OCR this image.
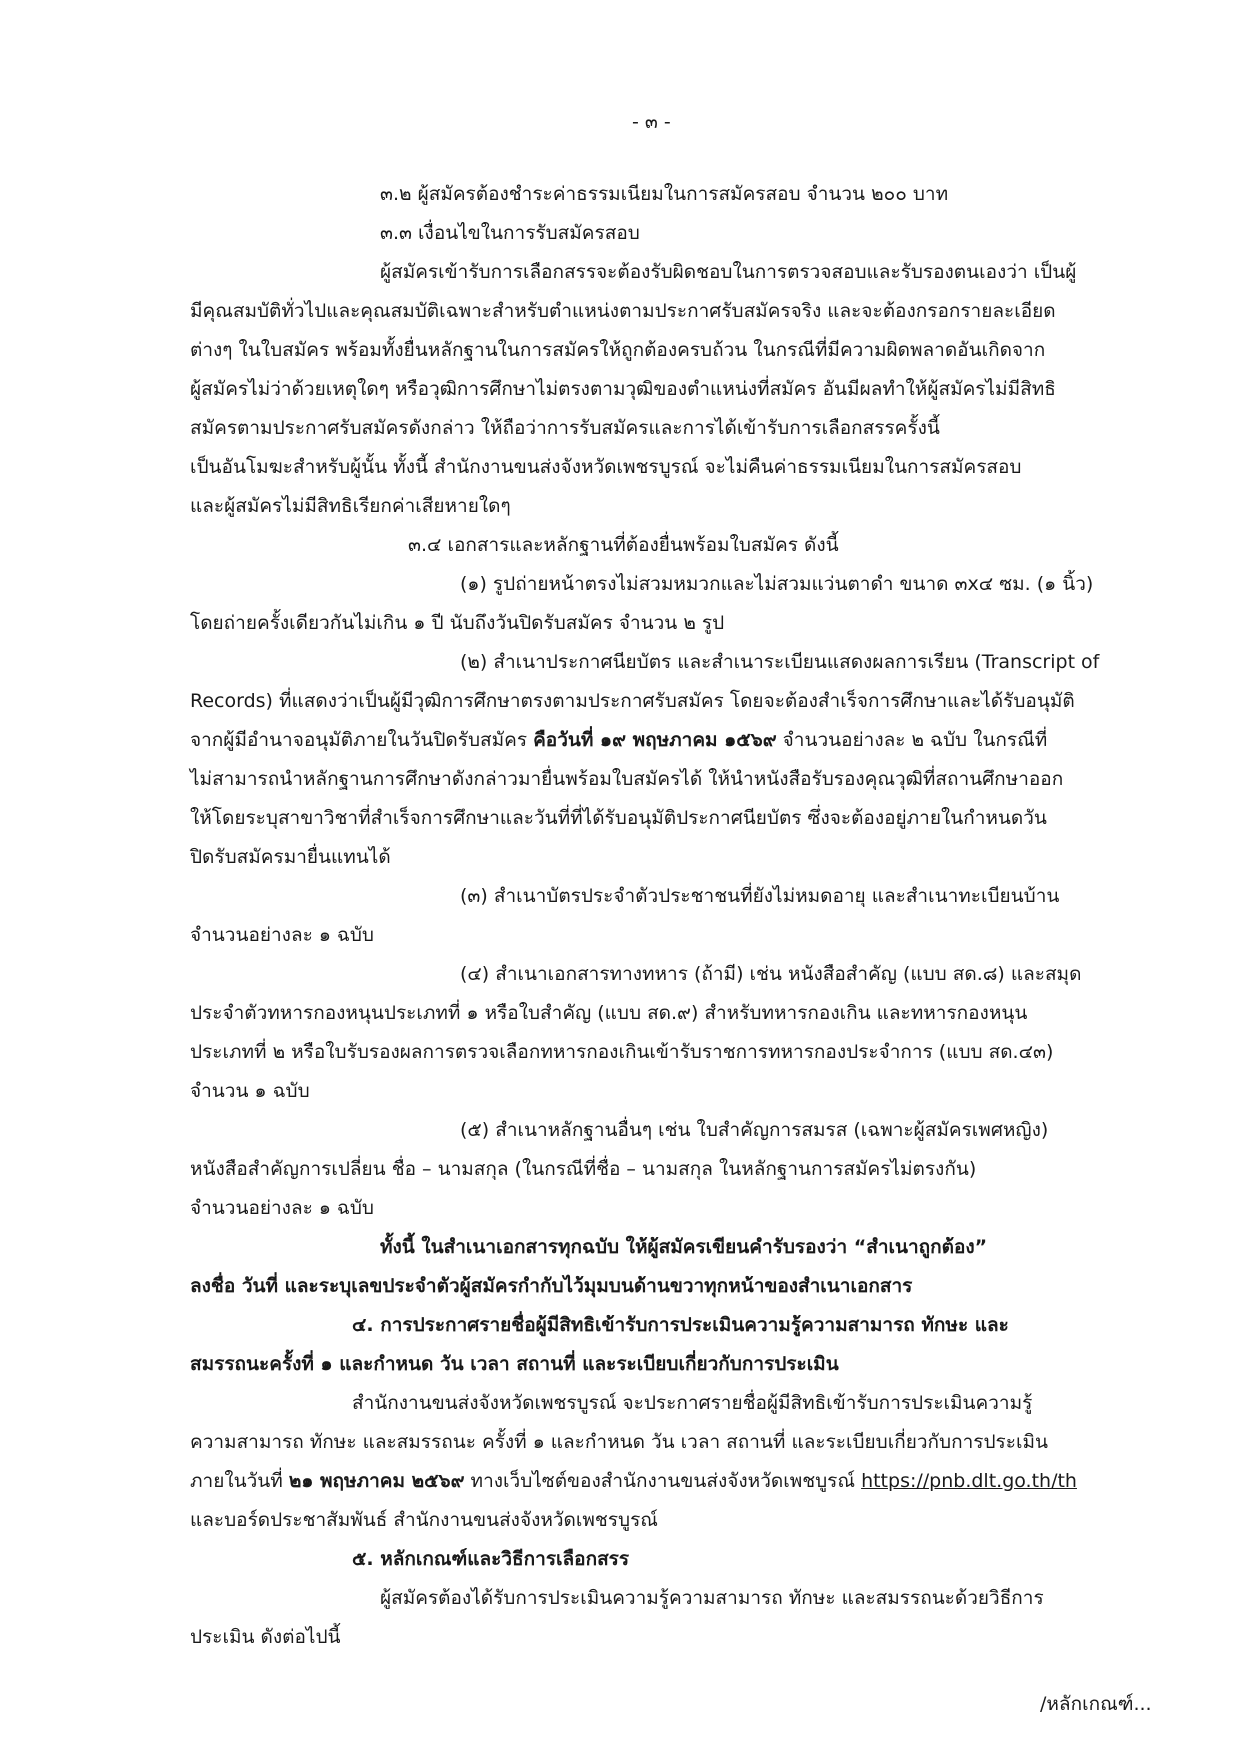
- ๓ -
๓.๒ ผู้สมัครต้องชำระค่าธรรมเนียมในการสมัครสอบ จำนวน ๒๐๐ บาท
๓.๓ เงื่อนไขในการรับสมัครสอบ
ผู้สมัครเข้ารับการเลือกสรรจะต้องรับผิดชอบในการตรวจสอบและรับรองตนเองว่า เป็นผู้
มีคุณสมบัติทั่วไปและคุณสมบัติเฉพาะสำหรับตำแหน่งตามประกาศรับสมัครจริง และจะต้องกรอกรายละเอียด
ต่างๆ ในใบสมัคร พร้อมทั้งยื่นหลักฐานในการสมัครให้ถูกต้องครบถ้วน ในกรณีที่มีความผิดพลาดอันเกิดจาก
ผู้สมัครไม่ว่าด้วยเหตุใดๆ หรือวุฒิการศึกษาไม่ตรงตามวุฒิของตำแหน่งที่สมัคร อันมีผลทำให้ผู้สมัครไม่มีสิทธิ
สมัครตามประกาศรับสมัครดังกล่าว ให้ถือว่าการรับสมัครและการได้เข้ารับการเลือกสรรครั้งนี้
เป็นอันโมฆะสำหรับผู้นั้น ทั้งนี้ สำนักงานขนส่งจังหวัดเพชรบูรณ์ จะไม่คืนค่าธรรมเนียมในการสมัครสอบ
และผู้สมัครไม่มีสิทธิเรียกค่าเสียหายใดๆ
๓.๔ เอกสารและหลักฐานที่ต้องยื่นพร้อมใบสมัคร ดังนี้
(๑) รูปถ่ายหน้าตรงไม่สวมหมวกและไม่สวมแว่นตาดำ ขนาด ๓x๔ ซม. (๑ นิ้ว)
โดยถ่ายครั้งเดียวกันไม่เกิน ๑ ปี นับถึงวันปิดรับสมัคร จำนวน ๒ รูป
(๒) สำเนาประกาศนียบัตร และสำเนาระเบียนแสดงผลการเรียน (Transcript of
Records) ที่แสดงว่าเป็นผู้มีวุฒิการศึกษาตรงตามประกาศรับสมัคร โดยจะต้องสำเร็จการศึกษาและได้รับอนุมัติ
จากผู้มีอำนาจอนุมัติภายในวันปิดรับสมัคร คือวันที่ ๑๙ พฤษภาคม ๑๕๖๙ จำนวนอย่างละ ๒ ฉบับ ในกรณีที่
ไม่สามารถนำหลักฐานการศึกษาดังกล่าวมายื่นพร้อมใบสมัครได้ ให้นำหนังสือรับรองคุณวุฒิที่สถานศึกษาออก
ให้โดยระบุสาขาวิชาที่สำเร็จการศึกษาและวันที่ที่ได้รับอนุมัติประกาศนียบัตร ซึ่งจะต้องอยู่ภายในกำหนดวัน
ปิดรับสมัครมายื่นแทนได้
(๓) สำเนาบัตรประจำตัวประชาชนที่ยังไม่หมดอายุ และสำเนาทะเบียนบ้าน
จำนวนอย่างละ ๑ ฉบับ
(๔) สำเนาเอกสารทางทหาร (ถ้ามี) เช่น หนังสือสำคัญ (แบบ สด.๘) และสมุด
ประจำตัวทหารกองหนุนประเภทที่ ๑ หรือใบสำคัญ (แบบ สด.๙) สำหรับทหารกองเกิน และทหารกองหนุน
ประเภทที่ ๒ หรือใบรับรองผลการตรวจเลือกทหารกองเกินเข้ารับราชการทหารกองประจำการ (แบบ สด.๔๓)
จำนวน ๑ ฉบับ
(๕) สำเนาหลักฐานอื่นๆ เช่น ใบสำคัญการสมรส (เฉพาะผู้สมัครเพศหญิง)
หนังสือสำคัญการเปลี่ยน ชื่อ – นามสกุล (ในกรณีที่ชื่อ – นามสกุล ในหลักฐานการสมัครไม่ตรงกัน)
จำนวนอย่างละ ๑ ฉบับ
ทั้งนี้ ในสำเนาเอกสารทุกฉบับ ให้ผู้สมัครเขียนคำรับรองว่า “สำเนาถูกต้อง”
ลงชื่อ วันที่ และระบุเลขประจำตัวผู้สมัครกำกับไว้มุมบนด้านขวาทุกหน้าของสำเนาเอกสาร
๔. การประกาศรายชื่อผู้มีสิทธิเข้ารับการประเมินความรู้ความสามารถ ทักษะ และ
สมรรถนะครั้งที่ ๑ และกำหนด วัน เวลา สถานที่ และระเบียบเกี่ยวกับการประเมิน
สำนักงานขนส่งจังหวัดเพชรบูรณ์ จะประกาศรายชื่อผู้มีสิทธิเข้ารับการประเมินความรู้
ความสามารถ ทักษะ และสมรรถนะ ครั้งที่ ๑ และกำหนด วัน เวลา สถานที่ และระเบียบเกี่ยวกับการประเมิน
ภายในวันที่ ๒๑ พฤษภาคม ๒๕๖๙ ทางเว็บไซต์ของสำนักงานขนส่งจังหวัดเพชบูรณ์ https://pnb.dlt.go.th/th
และบอร์ดประชาสัมพันธ์ สำนักงานขนส่งจังหวัดเพชรบูรณ์
๕. หลักเกณฑ์และวิธีการเลือกสรร
ผู้สมัครต้องได้รับการประเมินความรู้ความสามารถ ทักษะ และสมรรถนะด้วยวิธีการ
ประเมิน ดังต่อไปนี้
/หลักเกณฑ์...
